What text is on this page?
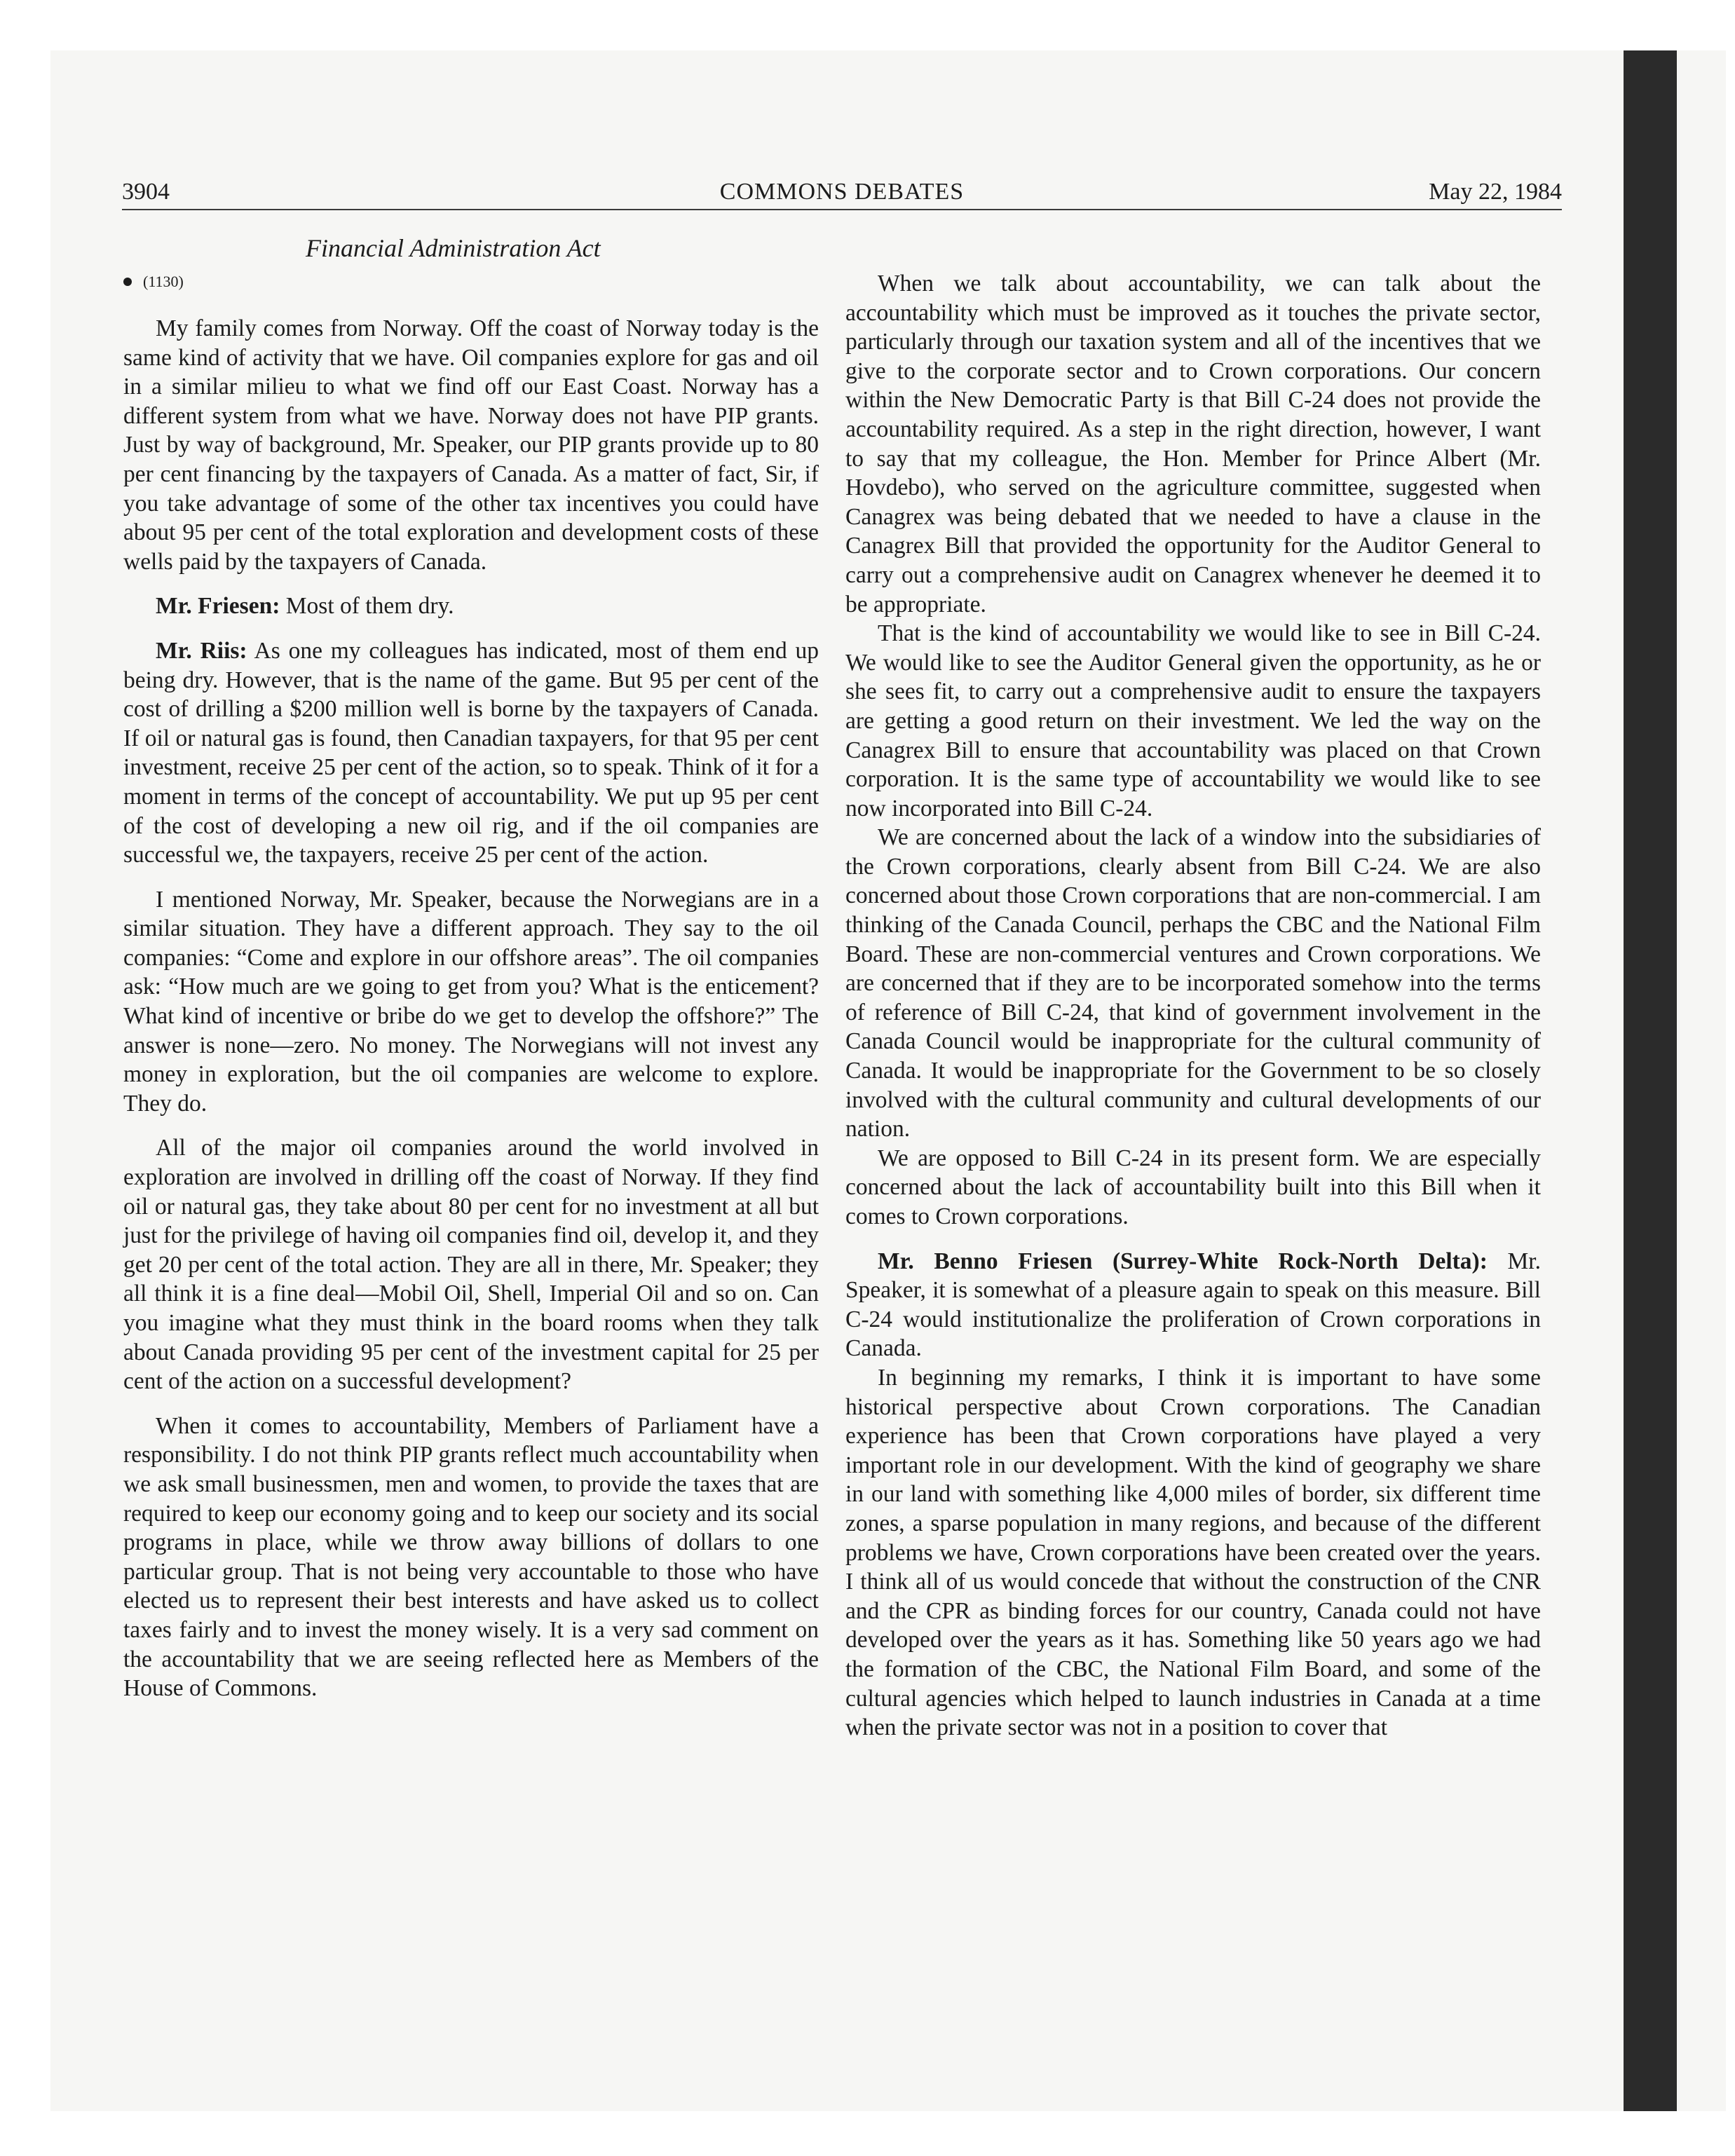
3904	COMMONS DEBATES	May 22, 1984
Financial Administration Act
(1130)

My family comes from Norway. Off the coast of Norway today is the same kind of activity that we have. Oil companies explore for gas and oil in a similar milieu to what we find off our East Coast. Norway has a different system from what we have. Norway does not have PIP grants. Just by way of background, Mr. Speaker, our PIP grants provide up to 80 per cent financing by the taxpayers of Canada. As a matter of fact, Sir, if you take advantage of some of the other tax incentives you could have about 95 per cent of the total exploration and development costs of these wells paid by the taxpayers of Canada.

Mr. Friesen: Most of them dry.

Mr. Riis: As one my colleagues has indicated, most of them end up being dry. However, that is the name of the game. But 95 per cent of the cost of drilling a $200 million well is borne by the taxpayers of Canada. If oil or natural gas is found, then Canadian taxpayers, for that 95 per cent investment, receive 25 per cent of the action, so to speak. Think of it for a moment in terms of the concept of accountability. We put up 95 per cent of the cost of developing a new oil rig, and if the oil companies are successful we, the taxpayers, receive 25 per cent of the action.

I mentioned Norway, Mr. Speaker, because the Norwegians are in a similar situation. They have a different approach. They say to the oil companies: “Come and explore in our offshore areas”. The oil companies ask: “How much are we going to get from you? What is the enticement? What kind of incentive or bribe do we get to develop the offshore?” The answer is none—zero. No money. The Norwegians will not invest any money in exploration, but the oil companies are welcome to explore. They do.

All of the major oil companies around the world involved in exploration are involved in drilling off the coast of Norway. If they find oil or natural gas, they take about 80 per cent for no investment at all but just for the privilege of having oil companies find oil, develop it, and they get 20 per cent of the total action. They are all in there, Mr. Speaker; they all think it is a fine deal—Mobil Oil, Shell, Imperial Oil and so on. Can you imagine what they must think in the board rooms when they talk about Canada providing 95 per cent of the investment capital for 25 per cent of the action on a successful development?

When it comes to accountability, Members of Parliament have a responsibility. I do not think PIP grants reflect much accountability when we ask small businessmen, men and women, to provide the taxes that are required to keep our economy going and to keep our society and its social programs in place, while we throw away billions of dollars to one particular group. That is not being very accountable to those who have elected us to represent their best interests and have asked us to collect taxes fairly and to invest the money wisely. It is a very sad comment on the accountability that we are seeing reflected here as Members of the House of Commons.

When we talk about accountability, we can talk about the accountability which must be improved as it touches the private sector, particularly through our taxation system and all of the incentives that we give to the corporate sector and to Crown corporations. Our concern within the New Democratic Party is that Bill C-24 does not provide the accountability required. As a step in the right direction, however, I want to say that my colleague, the Hon. Member for Prince Albert (Mr. Hovdebo), who served on the agriculture committee, suggested when Canagrex was being debated that we needed to have a clause in the Canagrex Bill that provided the opportunity for the Auditor General to carry out a comprehensive audit on Canagrex whenever he deemed it to be appropriate.

That is the kind of accountability we would like to see in Bill C-24. We would like to see the Auditor General given the opportunity, as he or she sees fit, to carry out a comprehensive audit to ensure the taxpayers are getting a good return on their investment. We led the way on the Canagrex Bill to ensure that accountability was placed on that Crown corporation. It is the same type of accountability we would like to see now incorporated into Bill C-24.

We are concerned about the lack of a window into the subsidiaries of the Crown corporations, clearly absent from Bill C-24. We are also concerned about those Crown corporations that are non-commercial. I am thinking of the Canada Council, perhaps the CBC and the National Film Board. These are non-commercial ventures and Crown corporations. We are concerned that if they are to be incorporated somehow into the terms of reference of Bill C-24, that kind of government involvement in the Canada Council would be inappropriate for the cultural community of Canada. It would be inappropriate for the Government to be so closely involved with the cultural community and cultural developments of our nation.

We are opposed to Bill C-24 in its present form. We are especially concerned about the lack of accountability built into this Bill when it comes to Crown corporations.

Mr. Benno Friesen (Surrey-White Rock-North Delta): Mr. Speaker, it is somewhat of a pleasure again to speak on this measure. Bill C-24 would institutionalize the proliferation of Crown corporations in Canada.

In beginning my remarks, I think it is important to have some historical perspective about Crown corporations. The Canadian experience has been that Crown corporations have played a very important role in our development. With the kind of geography we share in our land with something like 4,000 miles of border, six different time zones, a sparse population in many regions, and because of the different problems we have, Crown corporations have been created over the years. I think all of us would concede that without the construction of the CNR and the CPR as binding forces for our country, Canada could not have developed over the years as it has. Something like 50 years ago we had the formation of the CBC, the National Film Board, and some of the cultural agencies which helped to launch industries in Canada at a time when the private sector was not in a position to cover that
